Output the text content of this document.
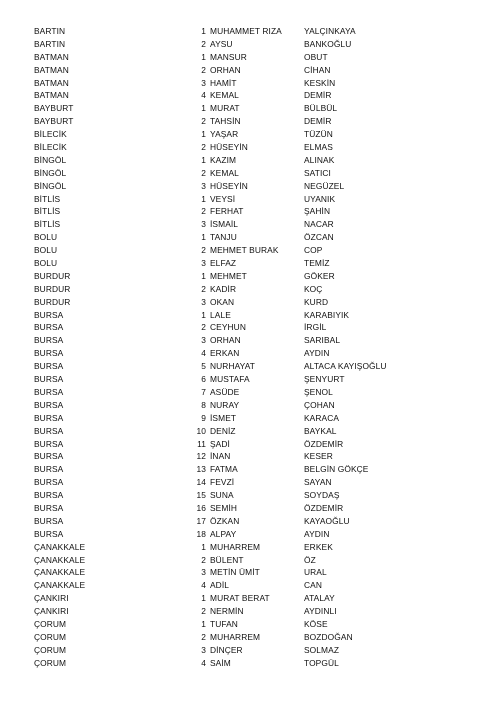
BARTIN	1 MUHAMMET RIZA	YALÇINKAYA
BARTIN	2 AYSU	BANKOĞLU
BATMAN	1 MANSUR	OBUT
BATMAN	2 ORHAN	CİHAN
BATMAN	3 HAMİT	KESKİN
BATMAN	4 KEMAL	DEMİR
BAYBURT	1 MURAT	BÜLBÜL
BAYBURT	2 TAHSİN	DEMİR
BİLECİK	1 YAŞAR	TÜZÜN
BİLECİK	2 HÜSEYİN	ELMAS
BİNGÖL	1 KAZIM	ALINAK
BİNGÖL	2 KEMAL	SATICI
BİNGÖL	3 HÜSEYİN	NEGÜZEL
BİTLİS	1 VEYSİ	UYANIK
BİTLİS	2 FERHAT	ŞAHİN
BİTLİS	3 İSMAİL	NACAR
BOLU	1 TANJU	ÖZCAN
BOLU	2 MEHMET BURAK	COP
BOLU	3 ELFAZ	TEMİZ
BURDUR	1 MEHMET	GÖKER
BURDUR	2 KADİR	KOÇ
BURDUR	3 OKAN	KURD
BURSA	1 LALE	KARABIYIK
BURSA	2 CEYHUN	İRGİL
BURSA	3 ORHAN	SARIBAL
BURSA	4 ERKAN	AYDIN
BURSA	5 NURHAYAT	ALTACA KAYIŞOĞLU
BURSA	6 MUSTAFA	ŞENYURT
BURSA	7 ASÜDE	ŞENOL
BURSA	8 NURAY	ÇOHAN
BURSA	9 İSMET	KARACA
BURSA	10 DENİZ	BAYKAL
BURSA	11 ŞADİ	ÖZDEMİR
BURSA	12 İNAN	KESER
BURSA	13 FATMA	BELGİN GÖKÇE
BURSA	14 FEVZİ	SAYAN
BURSA	15 SUNA	SOYDAŞ
BURSA	16 SEMİH	ÖZDEMİR
BURSA	17 ÖZKAN	KAYAOĞLU
BURSA	18 ALPAY	AYDIN
ÇANAKKALE	1 MUHARREM	ERKEK
ÇANAKKALE	2 BÜLENT	ÖZ
ÇANAKKALE	3 METİN ÜMİT	URAL
ÇANAKKALE	4 ADİL	CAN
ÇANKIRI	1 MURAT BERAT	ATALAY
ÇANKIRI	2 NERMİN	AYDINLI
ÇORUM	1 TUFAN	KÖSE
ÇORUM	2 MUHARREM	BOZDOĞAN
ÇORUM	3 DİNÇER	SOLMAZ
ÇORUM	4 SAİM	TOPGÜL
